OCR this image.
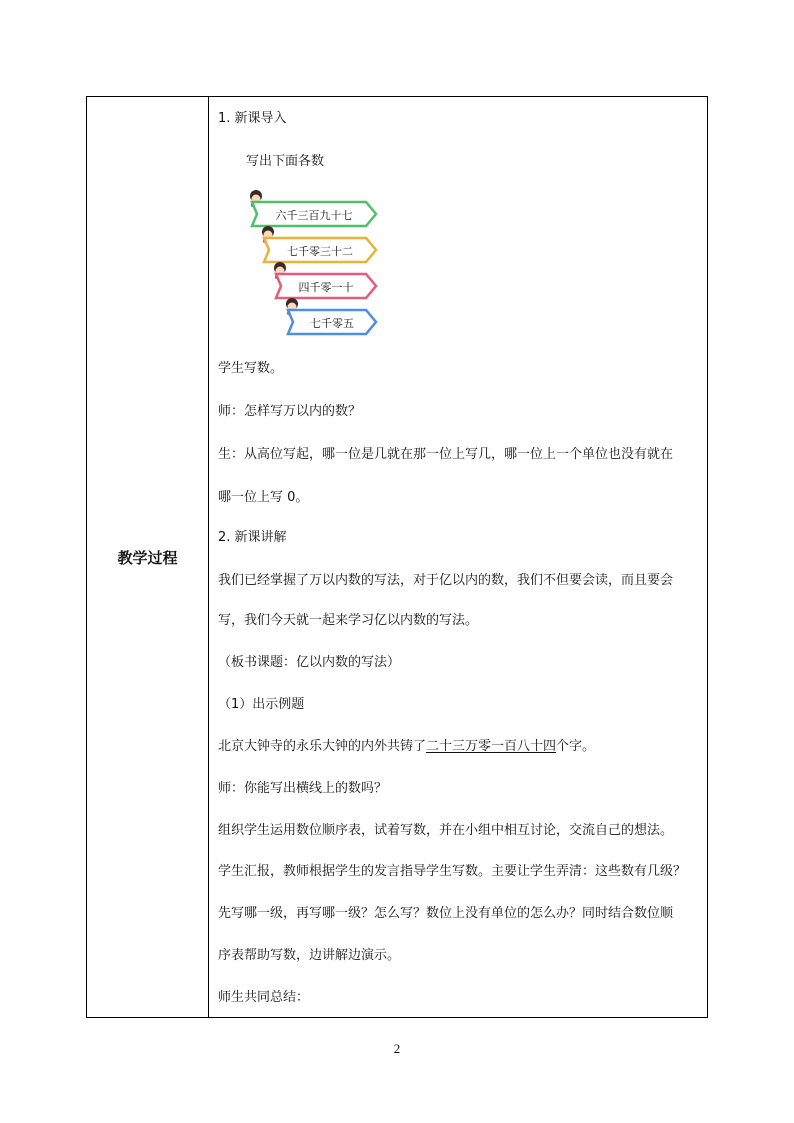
教学过程
1. 新课导入
写出下面各数
六千三百九十七
七千零三十二
四千零一十
七千零五
学生写数。
师：怎样写万以内的数？
生：从高位写起，哪一位是几就在那一位上写几，哪一位上一个单位也没有就在
哪一位上写 0。
2. 新课讲解
我们已经掌握了万以内数的写法，对于亿以内的数，我们不但要会读，而且要会
写，我们今天就一起来学习亿以内数的写法。
（板书课题：亿以内数的写法）
（1）出示例题
北京大钟寺的永乐大钟的内外共铸了二十三万零一百八十四个字。
师：你能写出横线上的数吗？
组织学生运用数位顺序表，试着写数，并在小组中相互讨论，交流自己的想法。
学生汇报，教师根据学生的发言指导学生写数。主要让学生弄清：这些数有几级？
先写哪一级，再写哪一级？怎么写？数位上没有单位的怎么办？同时结合数位顺
序表帮助写数，边讲解边演示。
师生共同总结：
2
